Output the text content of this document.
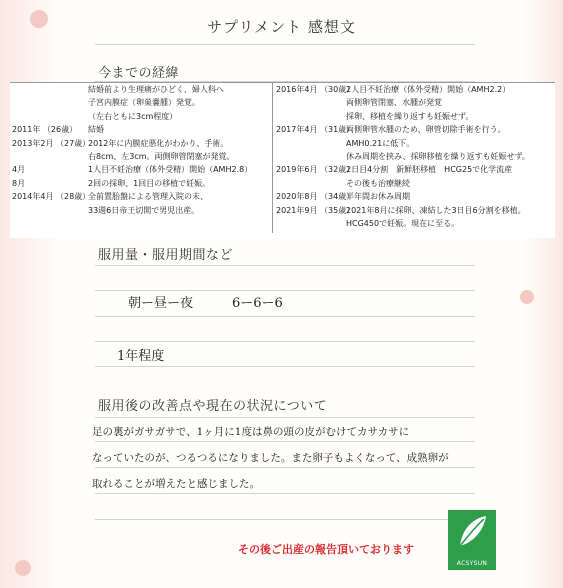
サプリメント 感想文
今までの経緯
結婚前より生理痛がひどく、婦人科へ
子宮内膜症（卵巣嚢腫）発覚。
（左右ともに3cm程度）
2011年 （26歳） 結婚
2013年2月 （27歳）
2012年に内膜症悪化がわかり、手術。
右8cm、左3cm。両側卵管閉塞が発覚。
4月	1人目不妊治療（体外受精）開始（AMH2.8）
8月	2回の採卵、1回目の移植で妊娠。
2014年4月 （28歳）
全前置胎盤による管理入院の末、
33週6日帝王切開で男児出産。
2016年4月 （30歳）
2人目不妊治療（体外受精）開始（AMH2.2）
両側卵管閉塞、水腫が発覚
採卵、移植を繰り返すも妊娠せず。
2017年4月 （31歳）
両側卵管水腫のため、卵管切除手術を行う。
AMH0.21に低下。
休み周期を挟み、採卵移植を繰り返すも妊娠せず。
2019年6月 （32歳）
2日目4分割　新鮮胚移植　HCG25で化学流産
その後も治療継続
2020年8月 （34歳）
半年間お休み周期
2021年9月 （35歳）
2021年8月に採卵、凍結した3日目6分割を移植。
HCG450で妊娠。現在に至る。
服用量・服用期間など
朝ー昼ー夜　　　6ー6ー6
1年程度
服用後の改善点や現在の状況について
足の裏がガサガサで、1ヶ月に1度は鼻の頭の皮がむけてカサカサに
なっていたのが、つるつるになりました。また卵子もよくなって、成熟卵が
取れることが増えたと感じました。
その後ご出産の報告頂いております
ACSYSUN
